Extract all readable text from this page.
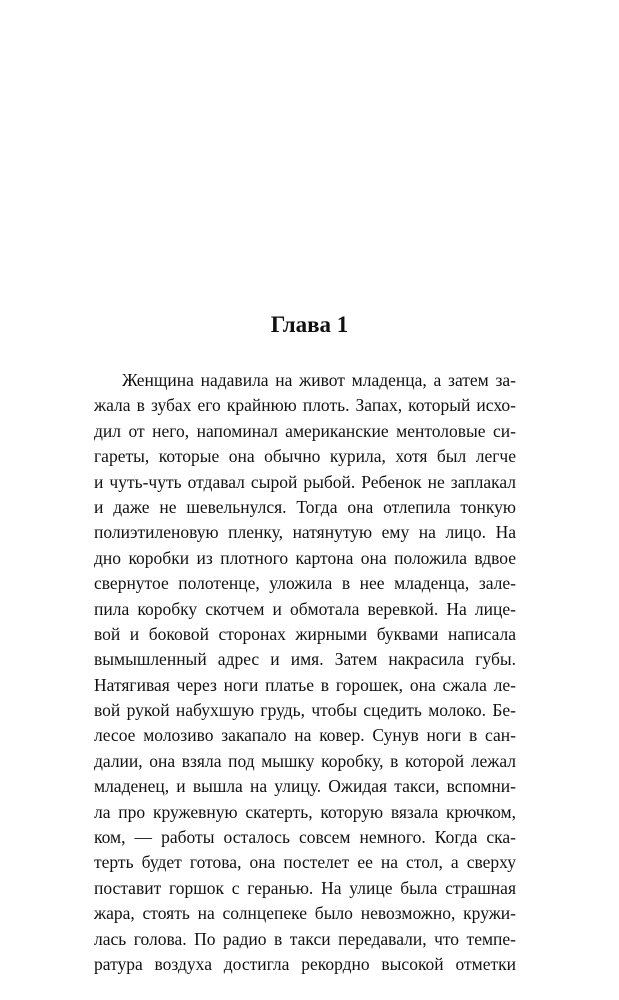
Глава 1
Женщина надавила на живот младенца, а затем за-
жала в зубах его крайнюю плоть. Запах, который исхо-
дил от него, напоминал американские ментоловые си-
гареты, которые она обычно курила, хотя был легче
и чуть-чуть отдавал сырой рыбой. Ребенок не заплакал
и даже не шевельнулся. Тогда она отлепила тонкую
полиэтиленовую пленку, натянутую ему на лицо. На
дно коробки из плотного картона она положила вдвое
свернутое полотенце, уложила в нее младенца, зале-
пила коробку скотчем и обмотала веревкой. На лице-
вой и боковой сторонах жирными буквами написала
вымышленный адрес и имя. Затем накрасила губы.
Натягивая через ноги платье в горошек, она сжала ле-
вой рукой набухшую грудь, чтобы сцедить молоко. Бе-
лесое молозиво закапало на ковер. Сунув ноги в сан-
далии, она взяла под мышку коробку, в которой лежал
младенец, и вышла на улицу. Ожидая такси, вспомни-
ла про кружевную скатерть, которую вязала крючком,
ком, — работы осталось совсем немного. Когда ска-
терть будет готова, она постелет ее на стол, а сверху
поставит горшок с геранью. На улице была страшная
жара, стоять на солнцепеке было невозможно, кружи-
лась голова. По радио в такси передавали, что темпе-
ратура воздуха достигла рекордно высокой отметки
